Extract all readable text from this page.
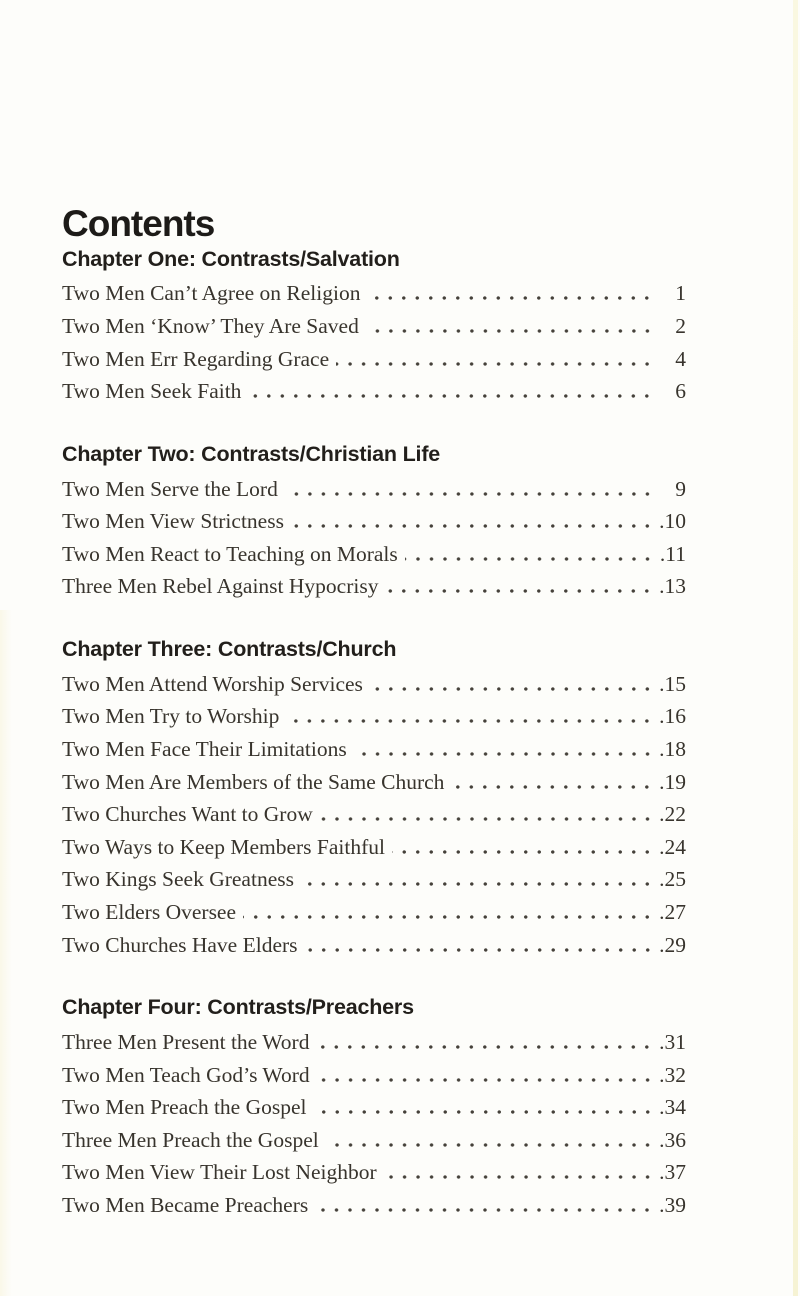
Contents
Chapter One: Contrasts/Salvation
Two Men Can’t Agree on Religion	1
Two Men ‘Know’ They Are Saved	2
Two Men Err Regarding Grace	4
Two Men Seek Faith	6
Chapter Two: Contrasts/Christian Life
Two Men Serve the Lord	9
Two Men View Strictness	.10
Two Men React to Teaching on Morals	.11
Three Men Rebel Against Hypocrisy	.13
Chapter Three: Contrasts/Church
Two Men Attend Worship Services	.15
Two Men Try to Worship	.16
Two Men Face Their Limitations	.18
Two Men Are Members of the Same Church	.19
Two Churches Want to Grow	.22
Two Ways to Keep Members Faithful	.24
Two Kings Seek Greatness	.25
Two Elders Oversee	.27
Two Churches Have Elders	.29
Chapter Four: Contrasts/Preachers
Three Men Present the Word	.31
Two Men Teach God’s Word	.32
Two Men Preach the Gospel	.34
Three Men Preach the Gospel	.36
Two Men View Their Lost Neighbor	.37
Two Men Became Preachers	.39
